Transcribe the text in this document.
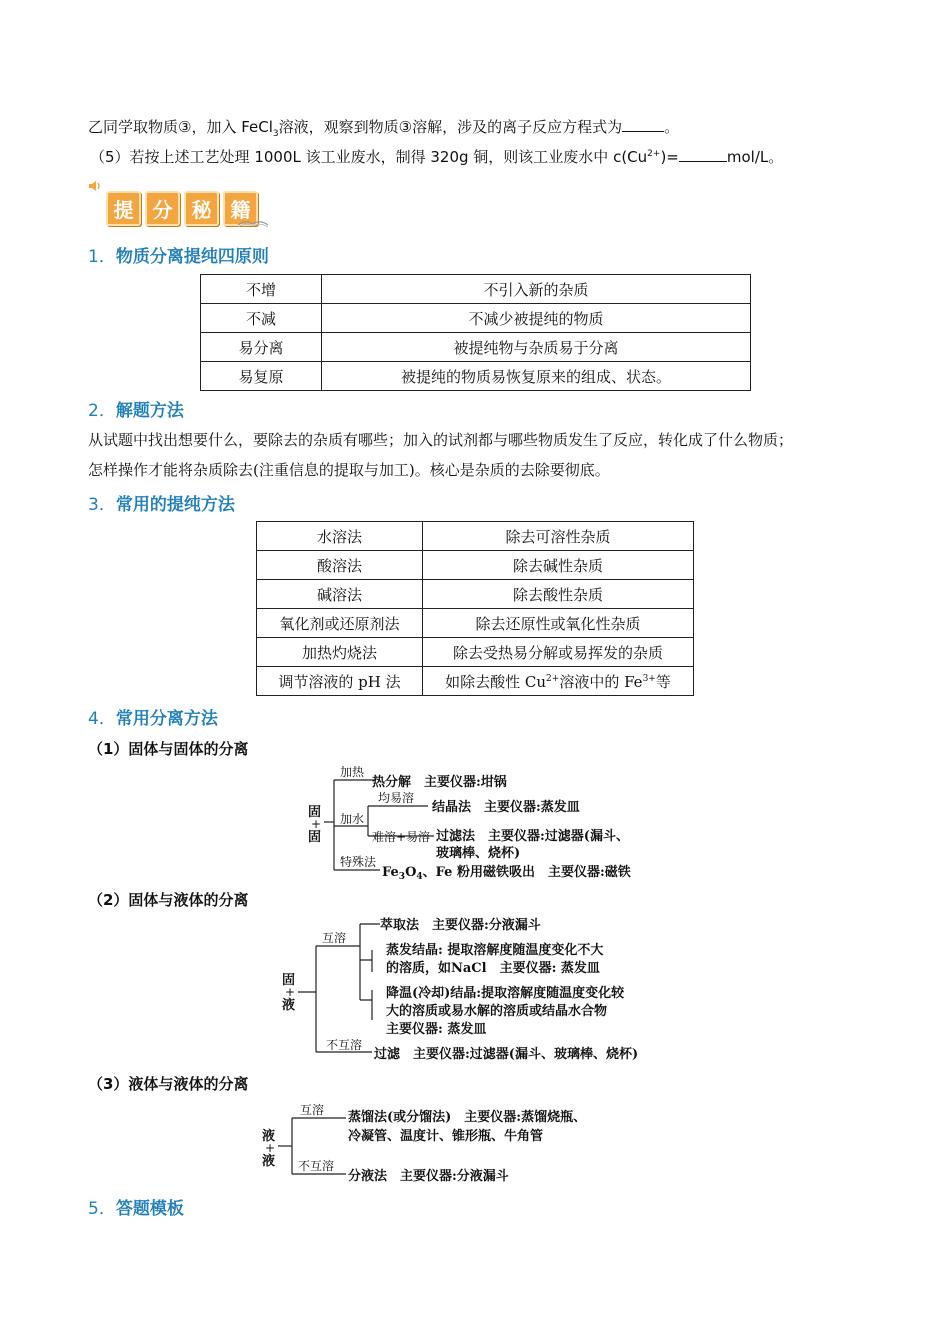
乙同学取物质③，加入 FeCl$_3$溶液，观察到物质③溶解，涉及的离子反应方程式为	。
（5）若按上述工艺处理 1000L 该工业废水，制得 320g 铜，则该工业废水中 $c(Cu^{2+})=$	mol/L。
提 分 秘 籍
1．物质分离提纯四原则
不增	不引入新的杂质
不减	不减少被提纯的物质
易分离	被提纯物与杂质易于分离
易复原	被提纯的物质易恢复原来的组成、状态。
2．解题方法
从试题中找出想要什么，要除去的杂质有哪些；加入的试剂都与哪些物质发生了反应，转化成了什么物质；
怎样操作才能将杂质除去(注重信息的提取与加工)。核心是杂质的去除要彻底。
3．常用的提纯方法
水溶法	除去可溶性杂质
酸溶法	除去碱性杂质
碱溶法	除去酸性杂质
氧化剂或还原剂法	除去还原性或氧化性杂质
加热灼烧法	除去受热易分解或易挥发的杂质
调节溶液的 pH 法	如除去酸性 $Cu^{2+}$溶液中的 $Fe^{3+}$等
4．常用分离方法
（1）固体与固体的分离
固
+
固
加热
热分解　主要仪器:坩锅
加水
均易溶
结晶法　主要仪器:蒸发皿
难溶+易溶 过滤法　主要仪器:过滤器(漏斗、
玻璃棒、烧杯)
特殊法
$Fe_3O_4$、Fe 粉用磁铁吸出　主要仪器:磁铁
（2）固体与液体的分离
固
+
液
互溶
萃取法　主要仪器:分液漏斗
蒸发结晶: 提取溶解度随温度变化不大
的溶质，如NaCl　主要仪器: 蒸发皿
降温(冷却)结晶:提取溶解度随温度变化较
大的溶质或易水解的溶质或结晶水合物
主要仪器: 蒸发皿
不互溶
过滤　主要仪器:过滤器(漏斗、玻璃棒、烧杯)
（3）液体与液体的分离
液
+
液
互溶 蒸馏法(或分馏法)　主要仪器:蒸馏烧瓶、
冷凝管、温度计、锥形瓶、牛角管
不互溶
分液法　主要仪器:分液漏斗
5．答题模板
